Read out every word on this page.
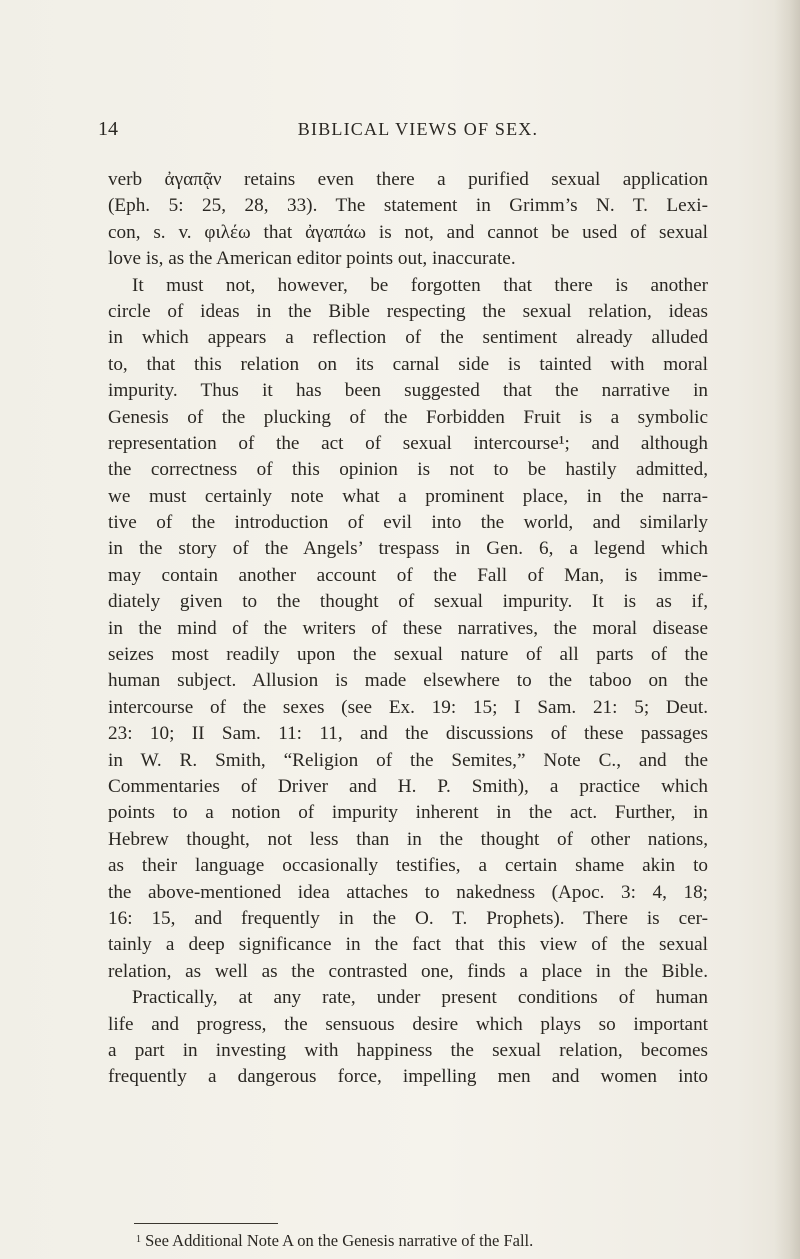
14	BIBLICAL VIEWS OF SEX.
verb ἀγαπᾷν retains even there a purified sexual application
(Eph. 5: 25, 28, 33). The statement in Grimm’s N. T. Lexi-
con, s. v. φιλέω that ἀγαπάω is not, and cannot be used of sexual
love is, as the American editor points out, inaccurate.
It must not, however, be forgotten that there is another
circle of ideas in the Bible respecting the sexual relation, ideas
in which appears a reflection of the sentiment already alluded
to, that this relation on its carnal side is tainted with moral
impurity. Thus it has been suggested that the narrative in
Genesis of the plucking of the Forbidden Fruit is a symbolic
representation of the act of sexual intercourse¹; and although
the correctness of this opinion is not to be hastily admitted,
we must certainly note what a prominent place, in the narra-
tive of the introduction of evil into the world, and similarly
in the story of the Angels’ trespass in Gen. 6, a legend which
may contain another account of the Fall of Man, is imme-
diately given to the thought of sexual impurity. It is as if,
in the mind of the writers of these narratives, the moral disease
seizes most readily upon the sexual nature of all parts of the
human subject. Allusion is made elsewhere to the taboo on the
intercourse of the sexes (see Ex. 19: 15; I Sam. 21: 5; Deut.
23: 10; II Sam. 11: 11, and the discussions of these passages
in W. R. Smith, “Religion of the Semites,” Note C., and the
Commentaries of Driver and H. P. Smith), a practice which
points to a notion of impurity inherent in the act. Further, in
Hebrew thought, not less than in the thought of other nations,
as their language occasionally testifies, a certain shame akin to
the above-mentioned idea attaches to nakedness (Apoc. 3: 4, 18;
16: 15, and frequently in the O. T. Prophets). There is cer-
tainly a deep significance in the fact that this view of the sexual
relation, as well as the contrasted one, finds a place in the Bible.
Practically, at any rate, under present conditions of human
life and progress, the sensuous desire which plays so important
a part in investing with happiness the sexual relation, becomes
frequently a dangerous force, impelling men and women into
$^1$ See Additional Note A on the Genesis narrative of the Fall.
